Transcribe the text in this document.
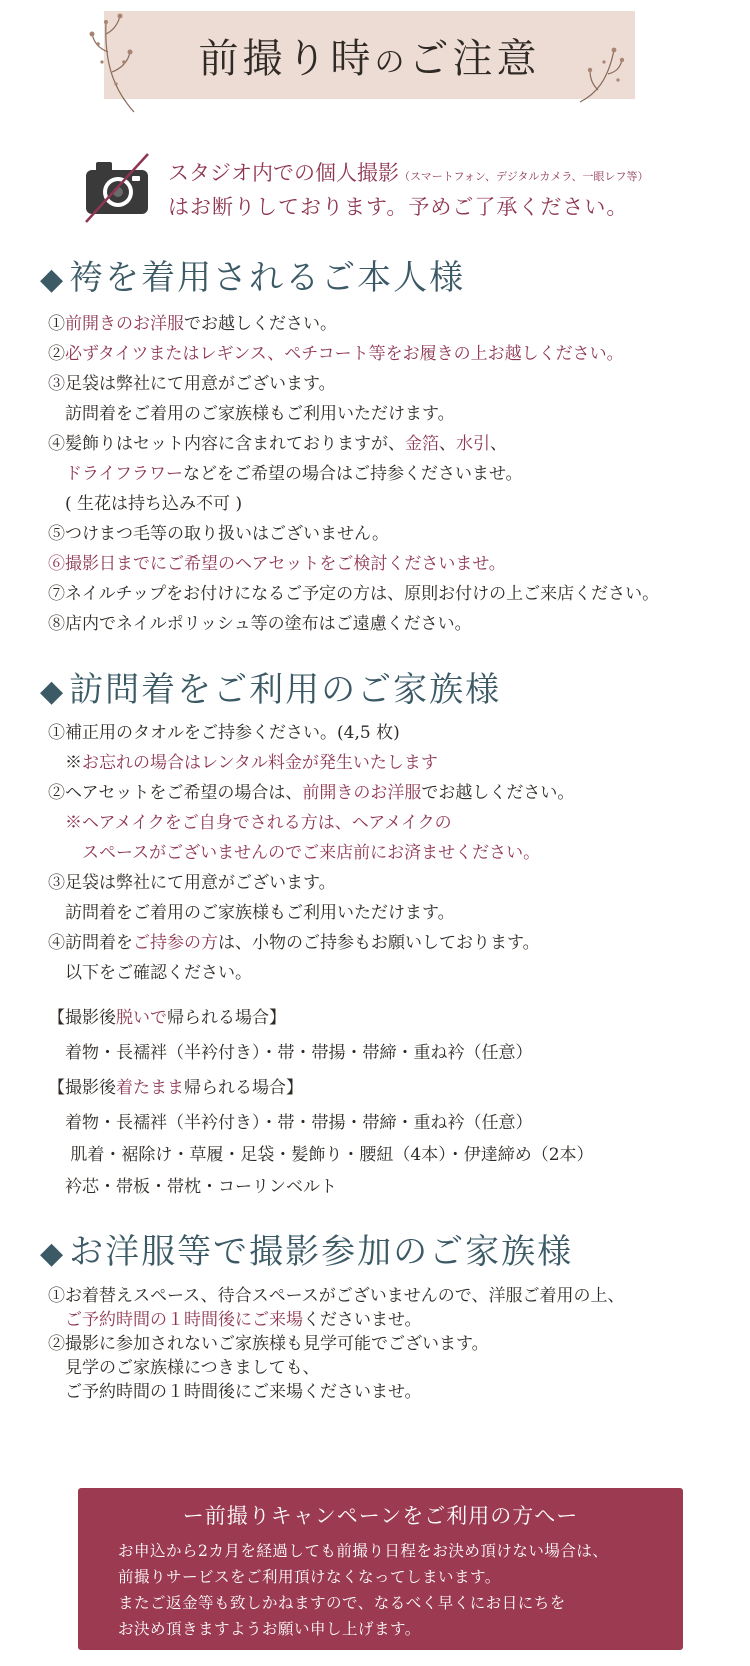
前撮り時のご注意
スタジオ内での個人撮影（スマートフォン、デジタルカメラ、一眼レフ等）
はお断りしております。予めご了承ください。
◆ 袴を着用されるご本人様
◆ 訪問着をご利用のご家族様
◆ お洋服等で撮影参加のご家族様
①前開きのお洋服でお越しください。
②必ずタイツまたはレギンス、ペチコート等をお履きの上お越しください。
③足袋は弊社にて用意がございます。
　訪問着をご着用のご家族様もご利用いただけます。
④髪飾りはセット内容に含まれておりますが、金箔、水引、
　ドライフラワーなどをご希望の場合はご持参くださいませ。
　( 生花は持ち込み不可 )
⑤つけまつ毛等の取り扱いはございません。
⑥撮影日までにご希望のヘアセットをご検討くださいませ。
⑦ネイルチップをお付けになるご予定の方は、原則お付けの上ご来店ください。
⑧店内でネイルポリッシュ等の塗布はご遠慮ください。
①補正用のタオルをご持参ください。(4,5 枚)
　※お忘れの場合はレンタル料金が発生いたします
②ヘアセットをご希望の場合は、前開きのお洋服でお越しください。
　※ヘアメイクをご自身でされる方は、ヘアメイクの
　　スペースがございませんのでご来店前にお済ませください。
③足袋は弊社にて用意がございます。
　訪問着をご着用のご家族様もご利用いただけます。
④訪問着をご持参の方は、小物のご持参もお願いしております。
　以下をご確認ください。
【撮影後脱いで帰られる場合】
　着物・長襦袢（半衿付き）・帯・帯揚・帯締・重ね衿（任意）
【撮影後着たまま帰られる場合】
　着物・長襦袢（半衿付き）・帯・帯揚・帯締・重ね衿（任意）
　 肌着・裾除け・草履・足袋・髪飾り・腰紐（4本）・伊達締め（2本）
　衿芯・帯板・帯枕・コーリンベルト
①お着替えスペース、待合スペースがございませんので、洋服ご着用の上、
　ご予約時間の１時間後にご来場くださいませ。
②撮影に参加されないご家族様も見学可能でございます。
　見学のご家族様につきましても、
　ご予約時間の１時間後にご来場くださいませ。
ー前撮りキャンペーンをご利用の方へー
お申込から2カ月を経過しても前撮り日程をお決め頂けない場合は、
前撮りサービスをご利用頂けなくなってしまいます。
またご返金等も致しかねますので、なるべく早くにお日にちを
お決め頂きますようお願い申し上げます。
